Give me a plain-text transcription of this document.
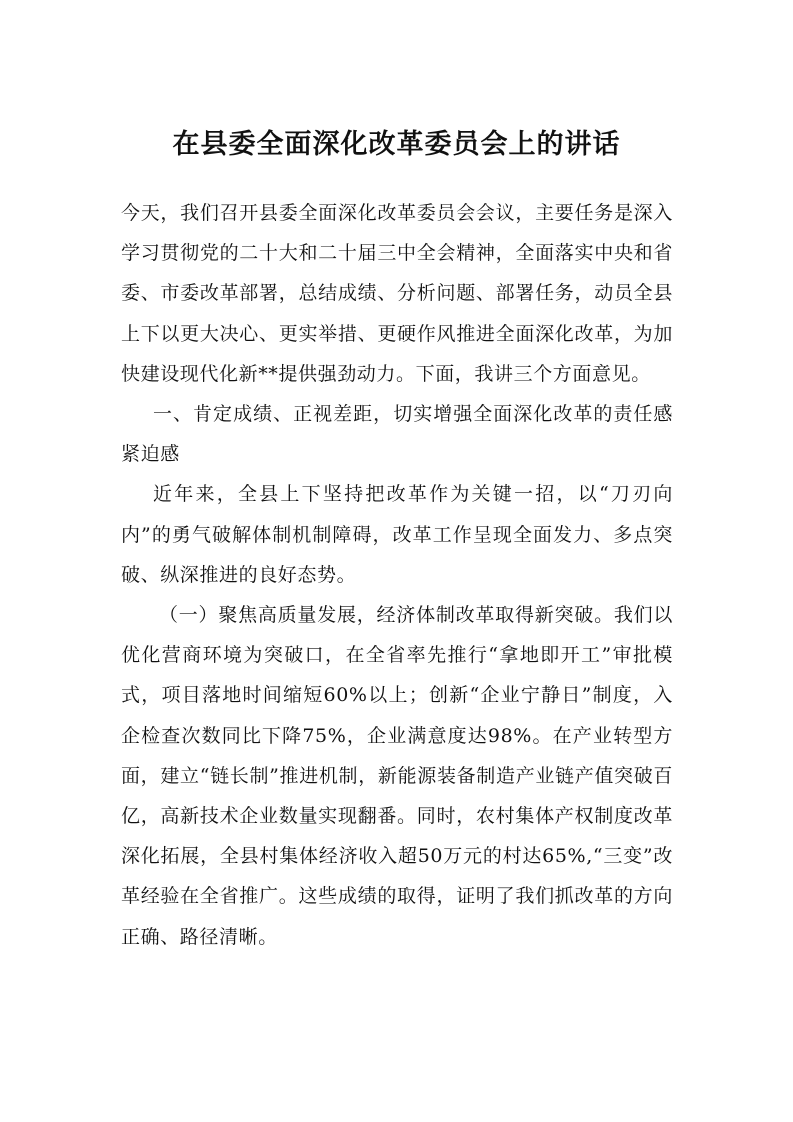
在县委全面深化改革委员会上的讲话

今天，我们召开县委全面深化改革委员会会议，主要任务是深入学习贯彻党的二十大和二十届三中全会精神，全面落实中央和省委、市委改革部署，总结成绩、分析问题、部署任务，动员全县上下以更大决心、更实举措、更硬作风推进全面深化改革，为加快建设现代化新**提供强劲动力。下面，我讲三个方面意见。

一、肯定成绩、正视差距，切实增强全面深化改革的责任感紧迫感

近年来，全县上下坚持把改革作为关键一招，以“刀刃向内”的勇气破解体制机制障碍，改革工作呈现全面发力、多点突破、纵深推进的良好态势。

（一）聚焦高质量发展，经济体制改革取得新突破。我们以优化营商环境为突破口，在全省率先推行“拿地即开工”审批模式，项目落地时间缩短60%以上；创新“企业宁静日”制度，入企检查次数同比下降75%，企业满意度达98%。在产业转型方面，建立“链长制”推进机制，新能源装备制造产业链产值突破百亿，高新技术企业数量实现翻番。同时，农村集体产权制度改革深化拓展，全县村集体经济收入超50万元的村达65%,“三变”改革经验在全省推广。这些成绩的取得，证明了我们抓改革的方向正确、路径清晰。
